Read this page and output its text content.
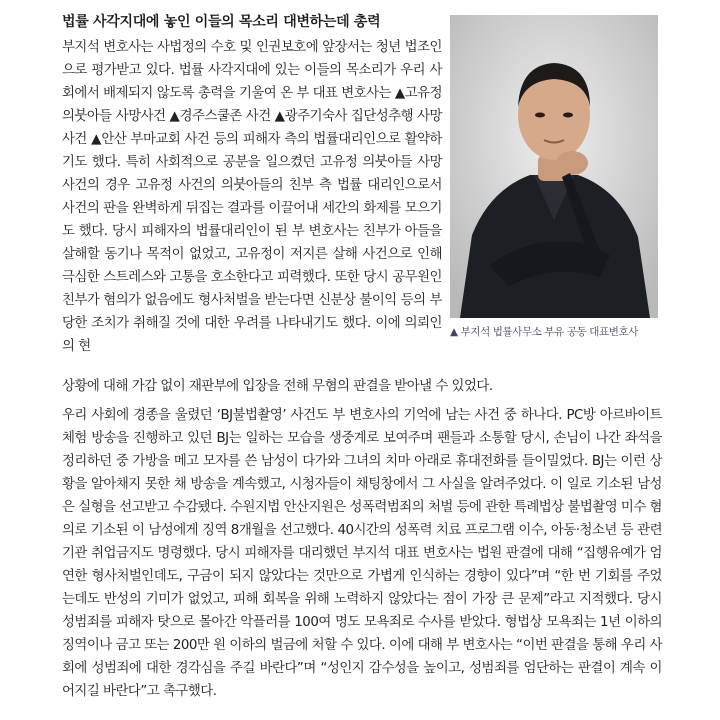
법률 사각지대에 놓인 이들의 목소리 대변하는데 총력

부지석 변호사는 사법정의 수호 및 인권보호에 앞장서는 청년 법조인으로 평가받고 있다. 법률 사각지대에 있는 이들의 목소리가 우리 사회에서 배제되지 않도록 총력을 기울여 온 부 대표 변호사는 ▲고유정 의붓아들 사망사건 ▲경주스쿨존 사건 ▲광주기숙사 집단성추행 사망사건 ▲안산 부마교회 사건 등의 피해자 측의 법률대리인으로 활약하기도 했다. 특히 사회적으로 공분을 일으켰던 고유정 의붓아들 사망사건의 경우 고유정 사건의 의붓아들의 친부 측 법률 대리인으로서 사건의 판을 완벽하게 뒤집는 결과를 이끌어내 세간의 화제를 모으기도 했다. 당시 피해자의 법률대리인이 된 부 변호사는 친부가 아들을 살해할 동기나 목적이 없었고, 고유정이 저지른 살해 사건으로 인해 극심한 스트레스와 고통을 호소한다고 피력했다. 또한 당시 공무원인 친부가 혐의가 없음에도 형사처벌을 받는다면 신분상 불이익 등의 부당한 조치가 취해질 것에 대한 우려를 나타내기도 했다. 이에 의뢰인의 현

상황에 대해 가감 없이 재판부에 입장을 전해 무혐의 판결을 받아낼 수 있었다.

우리 사회에 경종을 울렸던 ‘BJ불법촬영’ 사건도 부 변호사의 기억에 남는 사건 중 하나다. PC방 아르바이트 체험 방송을 진행하고 있던 BJ는 일하는 모습을 생중계로 보여주며 팬들과 소통할 당시, 손님이 나간 좌석을 정리하던 중 가방을 메고 모자를 쓴 남성이 다가와 그녀의 치마 아래로 휴대전화를 들이밀었다. BJ는 이런 상황을 알아채지 못한 채 방송을 계속했고, 시청자들이 채팅창에서 그 사실을 알려주었다. 이 일로 기소된 남성은 실형을 선고받고 수감됐다. 수원지법 안산지원은 성폭력범죄의 처벌 등에 관한 특례법상 불법촬영 미수 혐의로 기소된 이 남성에게 징역 8개월을 선고했다. 40시간의 성폭력 치료 프로그램 이수, 아동·청소년 등 관련 기관 취업금지도 명령했다. 당시 피해자를 대리했던 부지석 대표 변호사는 법원 판결에 대해 “집행유예가 엄연한 형사처벌인데도, 구금이 되지 않았다는 것만으로 가볍게 인식하는 경향이 있다”며 “한 번 기회를 주었는데도 반성의 기미가 없었고, 피해 회복을 위해 노력하지 않았다는 점이 가장 큰 문제”라고 지적했다. 당시 성범죄를 피해자 탓으로 몰아간 악플러를 100여 명도 모욕죄로 수사를 받았다. 형법상 모욕죄는 1년 이하의 징역이나 금고 또는 200만 원 이하의 벌금에 처할 수 있다. 이에 대해 부 변호사는 “이번 판결을 통해 우리 사회에 성범죄에 대한 경각심을 주길 바란다”며 “성인지 감수성을 높이고, 성범죄를 엄단하는 판결이 계속 이어지길 바란다”고 촉구했다.

▲ 부지석 법률사무소 부유 공동 대표변호사
